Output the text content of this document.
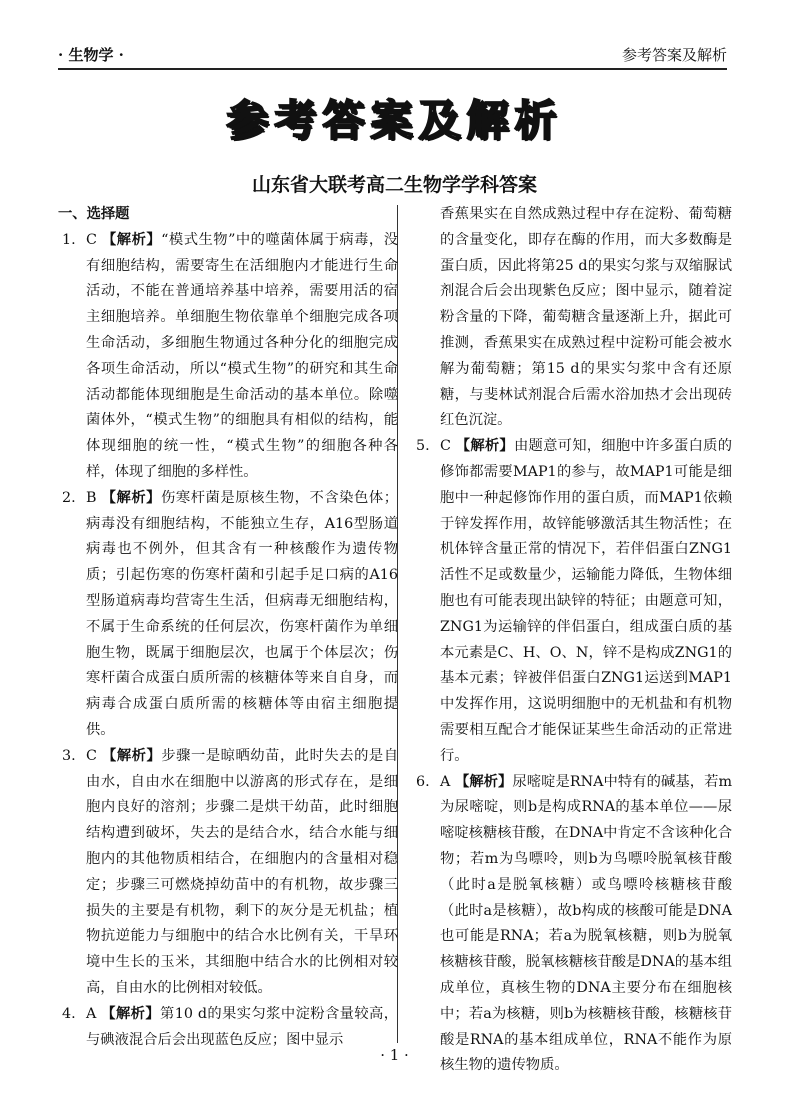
· 生物学 ·	参考答案及解析
参考答案及解析
山东省大联考高二生物学学科答案
一、选择题
1. C 【解析】“模式生物”中的噬菌体属于病毒，没有细胞结构，需要寄生在活细胞内才能进行生命活动，不能在普通培养基中培养，需要用活的宿主细胞培养。单细胞生物依靠单个细胞完成各项生命活动，多细胞生物通过各种分化的细胞完成各项生命活动，所以“模式生物”的研究和其生命活动都能体现细胞是生命活动的基本单位。除噬菌体外，“模式生物”的细胞具有相似的结构，能体现细胞的统一性，“模式生物”的细胞各种各样，体现了细胞的多样性。
2. B 【解析】伤寒杆菌是原核生物，不含染色体；病毒没有细胞结构，不能独立生存，A16型肠道病毒也不例外，但其含有一种核酸作为遗传物质；引起伤寒的伤寒杆菌和引起手足口病的A16型肠道病毒均营寄生生活，但病毒无细胞结构，不属于生命系统的任何层次，伤寒杆菌作为单细胞生物，既属于细胞层次，也属于个体层次；伤寒杆菌合成蛋白质所需的核糖体等来自自身，而病毒合成蛋白质所需的核糖体等由宿主细胞提供。
3. C 【解析】步骤一是晾晒幼苗，此时失去的是自由水，自由水在细胞中以游离的形式存在，是细胞内良好的溶剂；步骤二是烘干幼苗，此时细胞结构遭到破坏，失去的是结合水，结合水能与细胞内的其他物质相结合，在细胞内的含量相对稳定；步骤三可燃烧掉幼苗中的有机物，故步骤三损失的主要是有机物，剩下的灰分是无机盐；植物抗逆能力与细胞中的结合水比例有关，干旱环境中生长的玉米，其细胞中结合水的比例相对较高，自由水的比例相对较低。
4. A 【解析】第10 d的果实匀浆中淀粉含量较高，与碘液混合后会出现蓝色反应；图中显示
香蕉果实在自然成熟过程中存在淀粉、葡萄糖的含量变化，即存在酶的作用，而大多数酶是蛋白质，因此将第25 d的果实匀浆与双缩脲试剂混合后会出现紫色反应；图中显示，随着淀粉含量的下降，葡萄糖含量逐渐上升，据此可推测，香蕉果实在成熟过程中淀粉可能会被水解为葡萄糖；第15 d的果实匀浆中含有还原糖，与斐林试剂混合后需水浴加热才会出现砖红色沉淀。
5. C 【解析】由题意可知，细胞中许多蛋白质的修饰都需要MAP1的参与，故MAP1可能是细胞中一种起修饰作用的蛋白质，而MAP1依赖于锌发挥作用，故锌能够激活其生物活性；在机体锌含量正常的情况下，若伴侣蛋白ZNG1活性不足或数量少，运输能力降低，生物体细胞也有可能表现出缺锌的特征；由题意可知，ZNG1为运输锌的伴侣蛋白，组成蛋白质的基本元素是C、H、O、N，锌不是构成ZNG1的基本元素；锌被伴侣蛋白ZNG1运送到MAP1中发挥作用，这说明细胞中的无机盐和有机物需要相互配合才能保证某些生命活动的正常进行。
6. A 【解析】尿嘧啶是RNA中特有的碱基，若m为尿嘧啶，则b是构成RNA的基本单位——尿嘧啶核糖核苷酸，在DNA中肯定不含该种化合物；若m为鸟嘌呤，则b为鸟嘌呤脱氧核苷酸（此时a是脱氧核糖）或鸟嘌呤核糖核苷酸（此时a是核糖），故b构成的核酸可能是DNA也可能是RNA；若a为脱氧核糖，则b为脱氧核糖核苷酸，脱氧核糖核苷酸是DNA的基本组成单位，真核生物的DNA主要分布在细胞核中；若a为核糖，则b为核糖核苷酸，核糖核苷酸是RNA的基本组成单位，RNA不能作为原核生物的遗传物质。
· 1 ·
